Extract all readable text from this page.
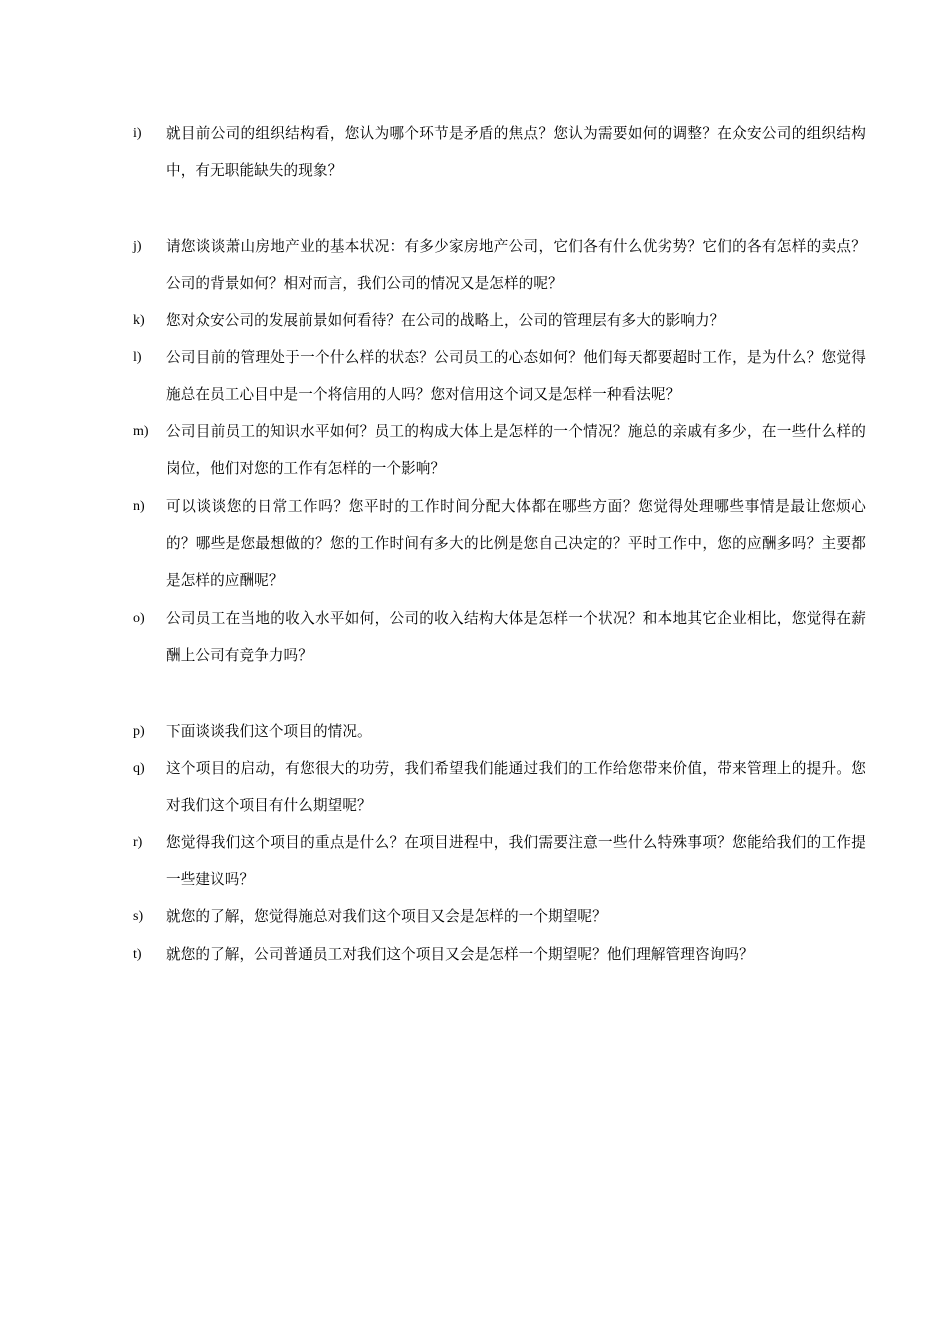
i) 就目前公司的组织结构看，您认为哪个环节是矛盾的焦点？您认为需要如何的调整？在众安公司的组织结构中，有无职能缺失的现象？
j) 请您谈谈萧山房地产业的基本状况：有多少家房地产公司，它们各有什么优劣势？它们的各有怎样的卖点？公司的背景如何？相对而言，我们公司的情况又是怎样的呢？
k) 您对众安公司的发展前景如何看待？在公司的战略上，公司的管理层有多大的影响力？
l) 公司目前的管理处于一个什么样的状态？公司员工的心态如何？他们每天都要超时工作，是为什么？您觉得施总在员工心目中是一个将信用的人吗？您对信用这个词又是怎样一种看法呢？
m) 公司目前员工的知识水平如何？员工的构成大体上是怎样的一个情况？施总的亲戚有多少，在一些什么样的岗位，他们对您的工作有怎样的一个影响？
n) 可以谈谈您的日常工作吗？您平时的工作时间分配大体都在哪些方面？您觉得处理哪些事情是最让您烦心的？哪些是您最想做的？您的工作时间有多大的比例是您自己决定的？平时工作中，您的应酬多吗？主要都是怎样的应酬呢？
o) 公司员工在当地的收入水平如何，公司的收入结构大体是怎样一个状况？和本地其它企业相比，您觉得在薪酬上公司有竞争力吗？
p) 下面谈谈我们这个项目的情况。
q) 这个项目的启动，有您很大的功劳，我们希望我们能通过我们的工作给您带来价值，带来管理上的提升。您对我们这个项目有什么期望呢？
r) 您觉得我们这个项目的重点是什么？在项目进程中，我们需要注意一些什么特殊事项？您能给我们的工作提一些建议吗？
s) 就您的了解，您觉得施总对我们这个项目又会是怎样的一个期望呢？
t) 就您的了解，公司普通员工对我们这个项目又会是怎样一个期望呢？他们理解管理咨询吗？
